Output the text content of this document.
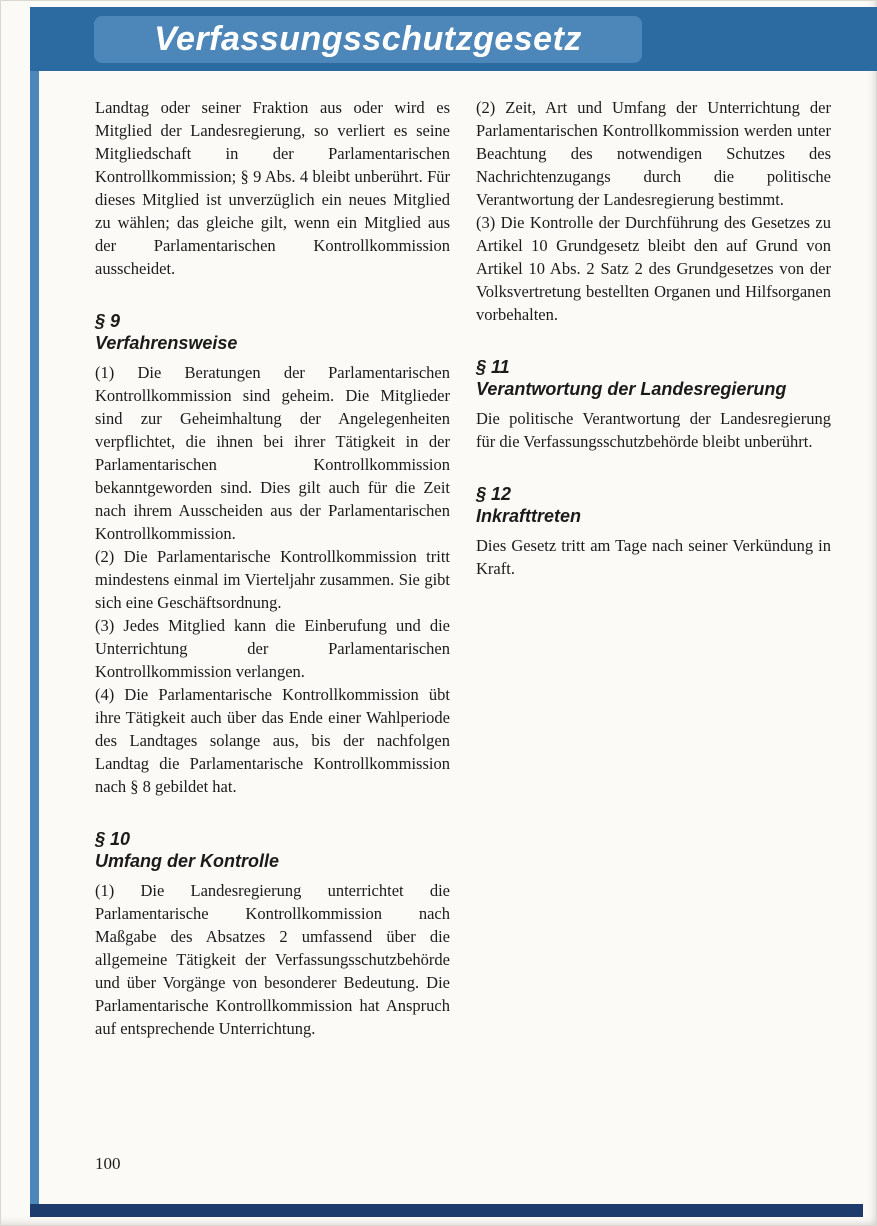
Verfassungsschutzgesetz

Landtag oder seiner Fraktion aus oder wird es Mitglied der Landesregierung, so verliert es seine Mitgliedschaft in der Parlamentarischen Kontrollkommission; § 9 Abs. 4 bleibt unberührt. Für dieses Mitglied ist unverzüglich ein neues Mitglied zu wählen; das gleiche gilt, wenn ein Mitglied aus der Parlamentarischen Kontrollkommission ausscheidet.

§ 9
Verfahrensweise

(1) Die Beratungen der Parlamentarischen Kontrollkommission sind geheim. Die Mitglieder sind zur Geheimhaltung der Angelegenheiten verpflichtet, die ihnen bei ihrer Tätigkeit in der Parlamentarischen Kontrollkommission bekanntgeworden sind. Dies gilt auch für die Zeit nach ihrem Ausscheiden aus der Parlamentarischen Kontrollkommission.

(2) Die Parlamentarische Kontrollkommission tritt mindestens einmal im Vierteljahr zusammen. Sie gibt sich eine Geschäftsordnung.

(3) Jedes Mitglied kann die Einberufung und die Unterrichtung der Parlamentarischen Kontrollkommission verlangen.

(4) Die Parlamentarische Kontrollkommission übt ihre Tätigkeit auch über das Ende einer Wahlperiode des Landtages solange aus, bis der nachfolgen Landtag die Parlamentarische Kontrollkommission nach § 8 gebildet hat.

§ 10
Umfang der Kontrolle

(1) Die Landesregierung unterrichtet die Parlamentarische Kontrollkommission nach Maßgabe des Absatzes 2 umfassend über die allgemeine Tätigkeit der Verfassungsschutzbehörde und über Vorgänge von besonderer Bedeutung. Die Parlamentarische Kontrollkommission hat Anspruch auf entsprechende Unterrichtung.

(2) Zeit, Art und Umfang der Unterrichtung der Parlamentarischen Kontrollkommission werden unter Beachtung des notwendigen Schutzes des Nachrichtenzugangs durch die politische Verantwortung der Landesregierung bestimmt.

(3) Die Kontrolle der Durchführung des Gesetzes zu Artikel 10 Grundgesetz bleibt den auf Grund von Artikel 10 Abs. 2 Satz 2 des Grundgesetzes von der Volksvertretung bestellten Organen und Hilfsorganen vorbehalten.

§ 11
Verantwortung der Landesregierung

Die politische Verantwortung der Landesregierung für die Verfassungsschutzbehörde bleibt unberührt.

§ 12
Inkrafttreten

Dies Gesetz tritt am Tage nach seiner Verkündung in Kraft.

100
